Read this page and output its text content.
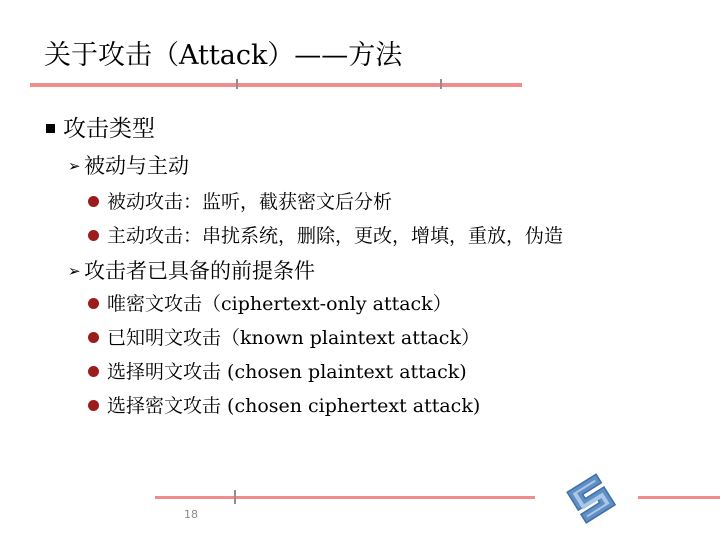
关于攻击（Attack）——方法
攻击类型
➢ 被动与主动
被动攻击：监听，截获密文后分析
主动攻击：串扰系统，删除，更改，增填，重放，伪造
➢ 攻击者已具备的前提条件
唯密文攻击（ciphertext-only attack）
已知明文攻击（known plaintext attack）
选择明文攻击 (chosen plaintext attack)
选择密文攻击 (chosen ciphertext attack)
18
